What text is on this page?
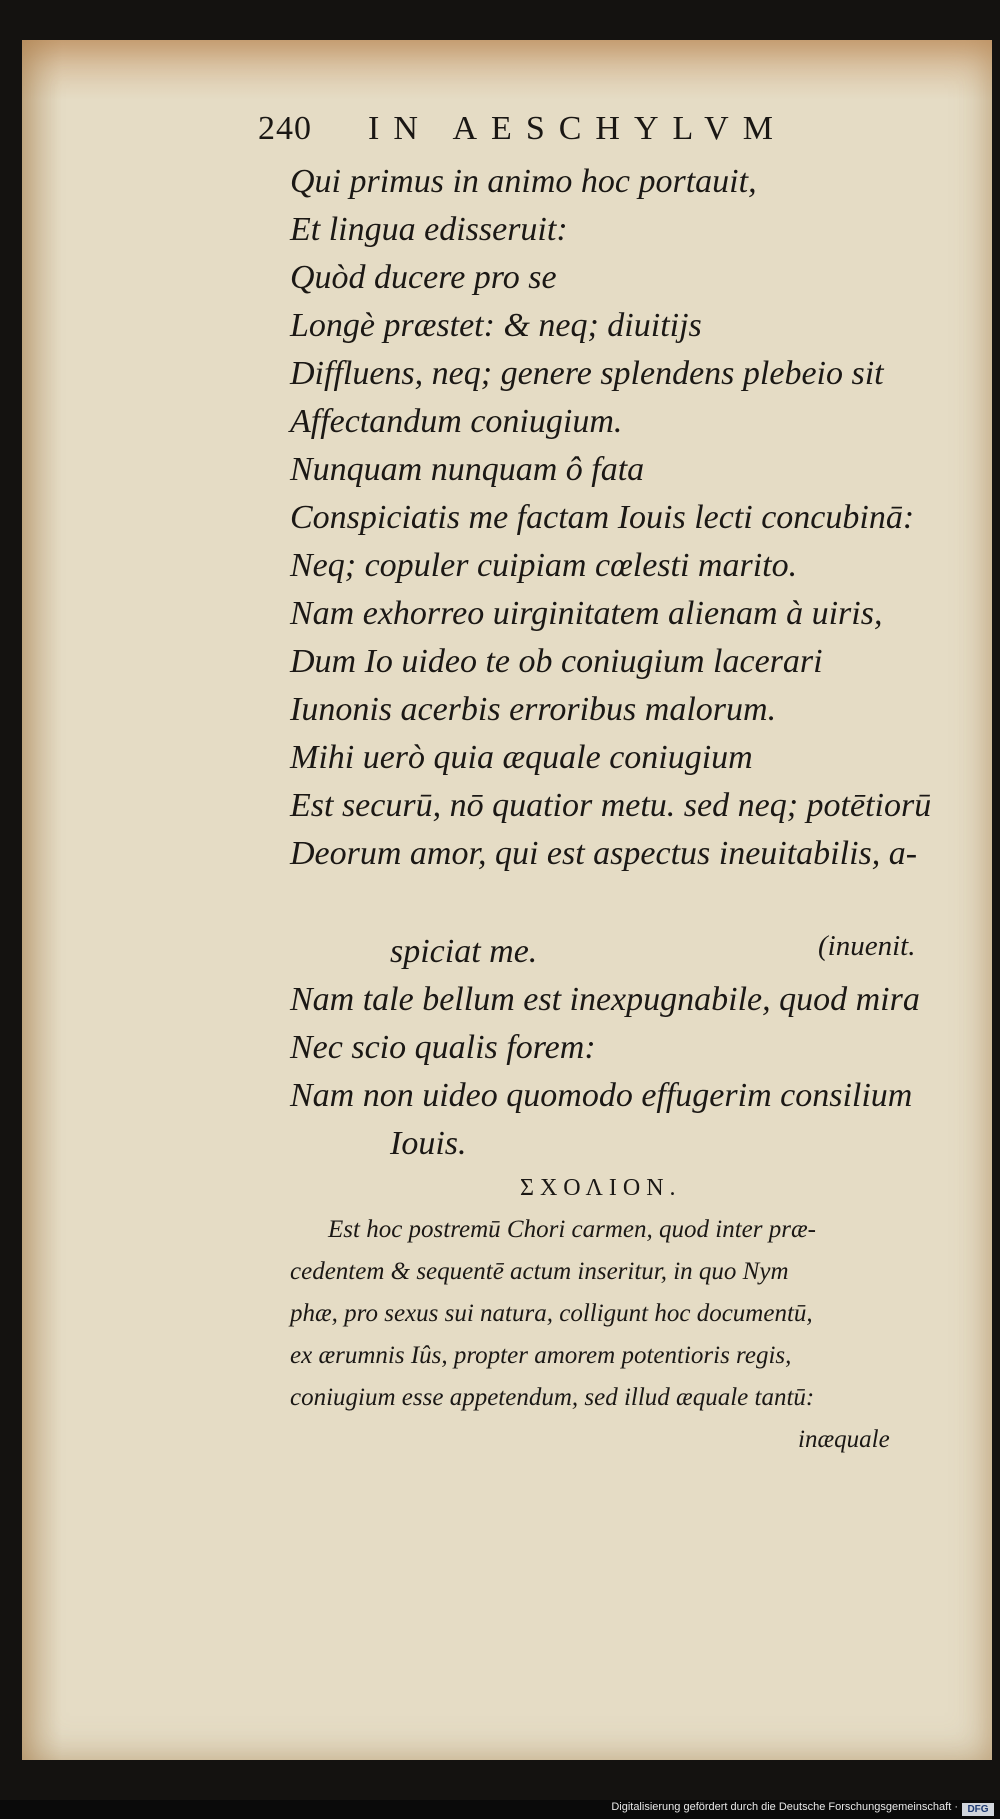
240 IN AESCHYLVM
Qui primus in animo hoc portauit,
Et lingua edisseruit:
Quòd ducere pro se
Longè præstet: & neq; diuitijs
Diffluens, neq; genere splendens plebeio sit
Affectandum coniugium.
Nunquam nunquam ô fata
Conspiciatis me factam Iouis lecti concubinā:
Neq; copuler cuipiam cœlesti marito.
Nam exhorreo uirginitatem alienam à uiris,
Dum Io uideo te ob coniugium lacerari
Iunonis acerbis erroribus malorum.
Mihi uerò quia æquale coniugium
Est securū, nō quatior metu. sed neq; potētiorū
Deorum amor, qui est aspectus ineuitabilis, a-
spiciat me.	(inuenit.
Nam tale bellum est inexpugnabile, quod mira
Nec scio qualis forem:
Nam non uideo quomodo effugerim consilium
Iouis.
ΣΧΟΛΙΟΝ.
Est hoc postremū Chori carmen, quod inter præ-
cedentem & sequentē actum inseritur, in quo Nym
phæ, pro sexus sui natura, colligunt hoc documentū,
ex ærumnis Iûs, propter amorem potentioris regis,
coniugium esse appetendum, sed illud æquale tantū:
inæquale
Digitalisierung gefördert durch die Deutsche Forschungsgemeinschaft · DFG
